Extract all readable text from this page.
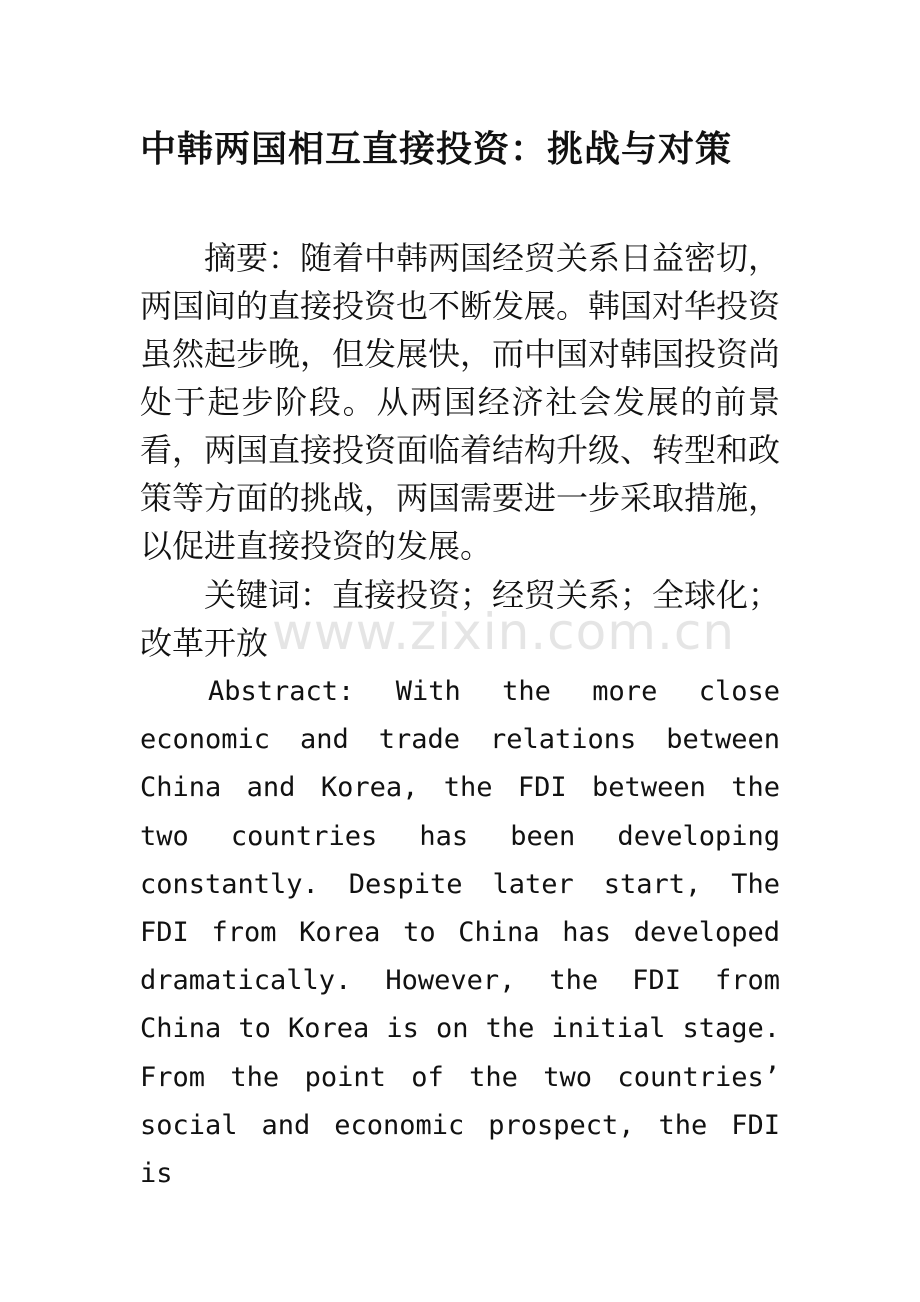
中韩两国相互直接投资：挑战与对策

摘要：随着中韩两国经贸关系日益密切，两国间的直接投资也不断发展。韩国对华投资虽然起步晚，但发展快，而中国对韩国投资尚处于起步阶段。从两国经济社会发展的前景看，两国直接投资面临着结构升级、转型和政策等方面的挑战，两国需要进一步采取措施，以促进直接投资的发展。

关键词：直接投资；经贸关系；全球化；改革开放

Abstract: With the more close economic and trade relations between China and Korea, the FDI between the two countries has been developing constantly. Despite later start, The FDI from Korea to China has developed dramatically. However, the FDI from China to Korea is on the initial stage. From the point of the two countries’ social and economic prospect, the FDI is

www.zixin.com.cn
